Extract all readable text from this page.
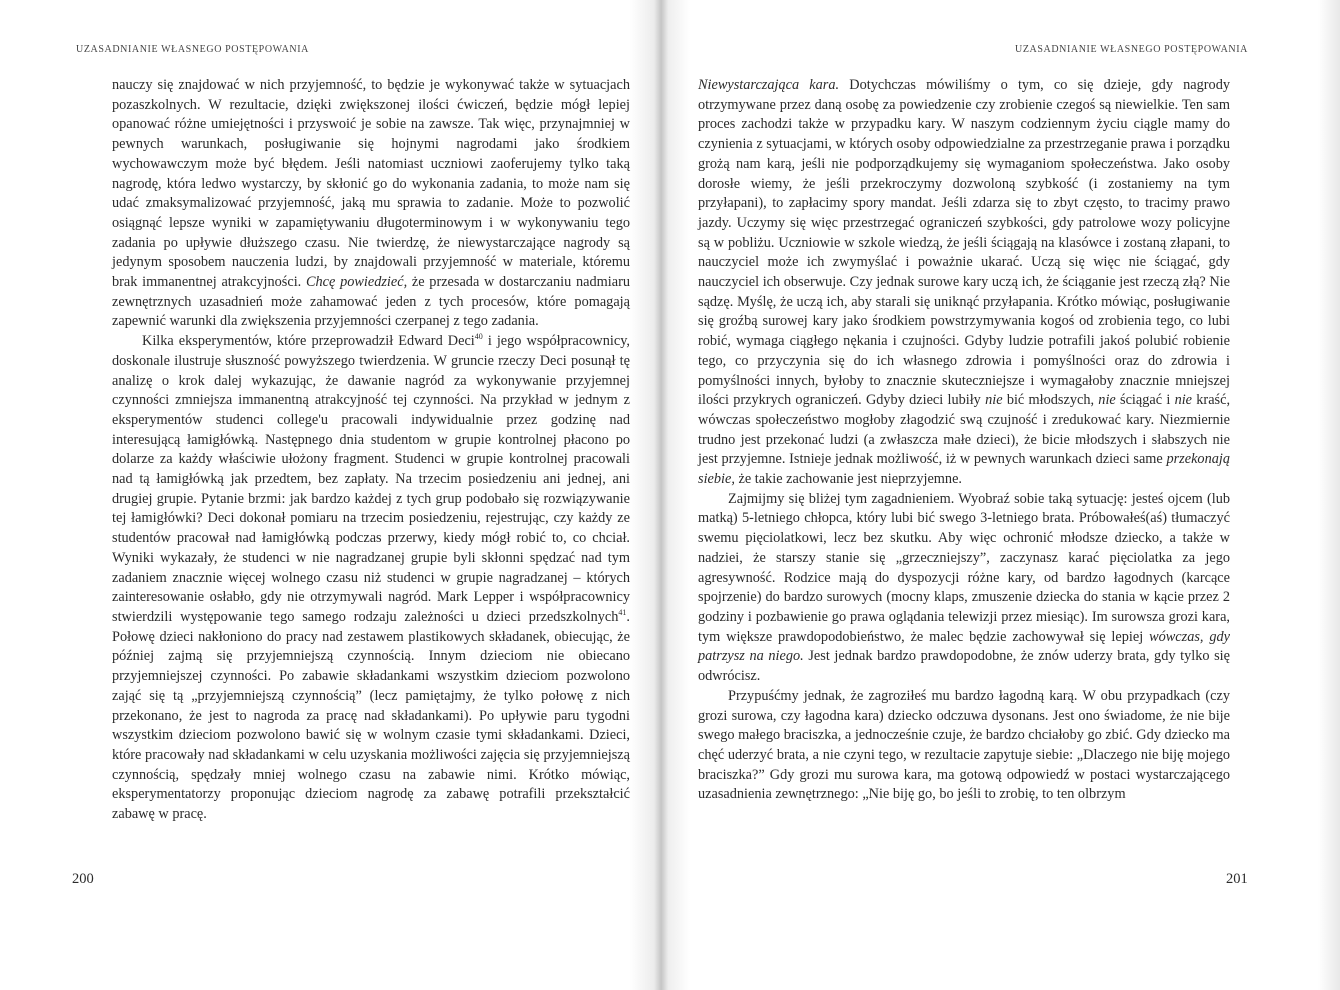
UZASADNIANIE WŁASNEGO POSTĘPOWANIA

nauczy się znajdować w nich przyjemność, to będzie je wykonywać także w sytuacjach pozaszkolnych. W rezultacie, dzięki zwiększonej ilości ćwiczeń, będzie mógł lepiej opanować różne umiejętności i przyswoić je sobie na zawsze. Tak więc, przynajmniej w pewnych warunkach, posługiwanie się hojnymi nagrodami jako środkiem wychowawczym może być błędem. Jeśli natomiast uczniowi zaoferujemy tylko taką nagrodę, która ledwo wystarczy, by skłonić go do wykonania zadania, to może nam się udać zmaksymalizować przyjemność, jaką mu sprawia to zadanie. Może to pozwolić osiągnąć lepsze wyniki w zapamiętywaniu długoterminowym i w wykonywaniu tego zadania po upływie dłuższego czasu. Nie twierdzę, że niewystarczające nagrody są jedynym sposobem nauczenia ludzi, by znajdowali przyjemność w materiale, któremu brak immanentnej atrakcyjności. Chcę powiedzieć, że przesada w dostarczaniu nadmiaru zewnętrznych uzasadnień może zahamować jeden z tych procesów, które pomagają zapewnić warunki dla zwiększenia przyjemności czerpanej z tego zadania.

Kilka eksperymentów, które przeprowadził Edward Deci$^{40}$ i jego współpracownicy, doskonale ilustruje słuszność powyższego twierdzenia. W gruncie rzeczy Deci posunął tę analizę o krok dalej wykazując, że dawanie nagród za wykonywanie przyjemnej czynności zmniejsza immanentną atrakcyjność tej czynności. Na przykład w jednym z eksperymentów studenci college'u pracowali indywidualnie przez godzinę nad interesującą łamigłówką. Następnego dnia studentom w grupie kontrolnej płacono po dolarze za każdy właściwie ułożony fragment. Studenci w grupie kontrolnej pracowali nad tą łamigłówką jak przedtem, bez zapłaty. Na trzecim posiedzeniu ani jednej, ani drugiej grupie. Pytanie brzmi: jak bardzo każdej z tych grup podobało się rozwiązywanie tej łamigłówki? Deci dokonał pomiaru na trzecim posiedzeniu, rejestrując, czy każdy ze studentów pracował nad łamigłówką podczas przerwy, kiedy mógł robić to, co chciał. Wyniki wykazały, że studenci w nie nagradzanej grupie byli skłonni spędzać nad tym zadaniem znacznie więcej wolnego czasu niż studenci w grupie nagradzanej – których zainteresowanie osłabło, gdy nie otrzymywali nagród. Mark Lepper i współpracownicy stwierdzili występowanie tego samego rodzaju zależności u dzieci przedszkolnych$^{41}$. Połowę dzieci nakłoniono do pracy nad zestawem plastikowych składanek, obiecując, że później zajmą się przyjemniejszą czynnością. Innym dzieciom nie obiecano przyjemniejszej czynności. Po zabawie składankami wszystkim dzieciom pozwolono zająć się tą „przyjemniejszą czynnością” (lecz pamiętajmy, że tylko połowę z nich przekonano, że jest to nagroda za pracę nad składankami). Po upływie paru tygodni wszystkim dzieciom pozwolono bawić się w wolnym czasie tymi składankami. Dzieci, które pracowały nad składankami w celu uzyskania możliwości zajęcia się przyjemniejszą czynnością, spędzały mniej wolnego czasu na zabawie nimi. Krótko mówiąc, eksperymentatorzy proponując dzieciom nagrodę za zabawę potrafili przekształcić zabawę w pracę.

200
UZASADNIANIE WŁASNEGO POSTĘPOWANIA

Niewystarczająca kara. Dotychczas mówiliśmy o tym, co się dzieje, gdy nagrody otrzymywane przez daną osobę za powiedzenie czy zrobienie czegoś są niewielkie. Ten sam proces zachodzi także w przypadku kary. W naszym codziennym życiu ciągle mamy do czynienia z sytuacjami, w których osoby odpowiedzialne za przestrzeganie prawa i porządku grożą nam karą, jeśli nie podporządkujemy się wymaganiom społeczeństwa. Jako osoby dorosłe wiemy, że jeśli przekroczymy dozwoloną szybkość (i zostaniemy na tym przyłapani), to zapłacimy spory mandat. Jeśli zdarza się to zbyt często, to tracimy prawo jazdy. Uczymy się więc przestrzegać ograniczeń szybkości, gdy patrolowe wozy policyjne są w pobliżu. Uczniowie w szkole wiedzą, że jeśli ściągają na klasówce i zostaną złapani, to nauczyciel może ich zwymyślać i poważnie ukarać. Uczą się więc nie ściągać, gdy nauczyciel ich obserwuje. Czy jednak surowe kary uczą ich, że ściąganie jest rzeczą złą? Nie sądzę. Myślę, że uczą ich, aby starali się uniknąć przyłapania. Krótko mówiąc, posługiwanie się groźbą surowej kary jako środkiem powstrzymywania kogoś od zrobienia tego, co lubi robić, wymaga ciągłego nękania i czujności. Gdyby ludzie potrafili jakoś polubić robienie tego, co przyczynia się do ich własnego zdrowia i pomyślności oraz do zdrowia i pomyślności innych, byłoby to znacznie skuteczniejsze i wymagałoby znacznie mniejszej ilości przykrych ograniczeń. Gdyby dzieci lubiły nie bić młodszych, nie ściągać i nie kraść, wówczas społeczeństwo mogłoby złagodzić swą czujność i zredukować kary. Niezmiernie trudno jest przekonać ludzi (a zwłaszcza małe dzieci), że bicie młodszych i słabszych nie jest przyjemne. Istnieje jednak możliwość, iż w pewnych warunkach dzieci same przekonają siebie, że takie zachowanie jest nieprzyjemne.

Zajmijmy się bliżej tym zagadnieniem. Wyobraź sobie taką sytuację: jesteś ojcem (lub matką) 5-letniego chłopca, który lubi bić swego 3-letniego brata. Próbowałeś(aś) tłumaczyć swemu pięciolatkowi, lecz bez skutku. Aby więc ochronić młodsze dziecko, a także w nadziei, że starszy stanie się „grzeczniejszy”, zaczynasz karać pięciolatka za jego agresywność. Rodzice mają do dyspozycji różne kary, od bardzo łagodnych (karcące spojrzenie) do bardzo surowych (mocny klaps, zmuszenie dziecka do stania w kącie przez 2 godziny i pozbawienie go prawa oglądania telewizji przez miesiąc). Im surowsza grozi kara, tym większe prawdopodobieństwo, że malec będzie zachowywał się lepiej wówczas, gdy patrzysz na niego. Jest jednak bardzo prawdopodobne, że znów uderzy brata, gdy tylko się odwrócisz.

Przypuśćmy jednak, że zagroziłeś mu bardzo łagodną karą. W obu przypadkach (czy grozi surowa, czy łagodna kara) dziecko odczuwa dysonans. Jest ono świadome, że nie bije swego małego braciszka, a jednocześnie czuje, że bardzo chciałoby go zbić. Gdy dziecko ma chęć uderzyć brata, a nie czyni tego, w rezultacie zapytuje siebie: „Dlaczego nie biję mojego braciszka?” Gdy grozi mu surowa kara, ma gotową odpowiedź w postaci wystarczającego uzasadnienia zewnętrznego: „Nie biję go, bo jeśli to zrobię, to ten olbrzym

201
